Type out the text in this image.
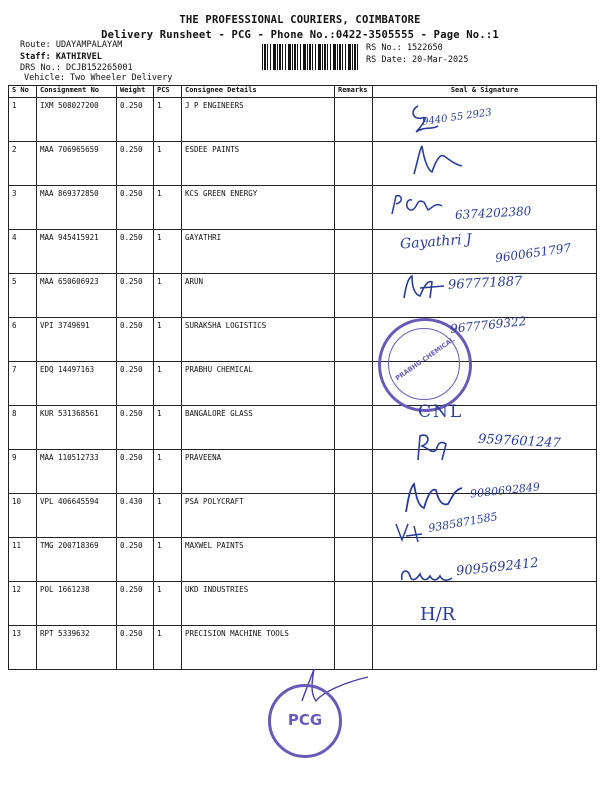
THE PROFESSIONAL COURIERS, COIMBATORE
Delivery Runsheet - PCG - Phone No.:0422-3505555 - Page No.:1
Route: UDAYAMPALAYAM
Staff: KATHIRVEL
DRS No.: DCJB152265001
Vehicle: Two Wheeler Delivery
RS No.: 1522650
RS Date: 20-Mar-2025
S No	Consignment No	Weight	PCS	Consignee Details	Remarks	Seal & Signature
1	IXM 508027200	0.250	1	J P ENGINEERS		
2	MAA 706965659	0.250	1	ESDEE PAINTS		
3	MAA 869372850	0.250	1	KCS GREEN ENERGY		
4	MAA 945415921	0.250	1	GAYATHRI		
5	MAA 650606923	0.250	1	ARUN		
6	VPI 3749691	0.250	1	SURAKSHA LOGISTICS		
7	EDQ 14497163	0.250	1	PRABHU CHEMICAL		
8	KUR 531368561	0.250	1	BANGALORE GLASS		
9	MAA 110512733	0.250	1	PRAVEENA		
10	VPL 406645594	0.430	1	PSA POLYCRAFT		
11	TMG 200718369	0.250	1	MAXWEL PAINTS		
12	POL 1661238	0.250	1	UKD INDUSTRIES		
13	RPT 5339632	0.250	1	PRECISION MACHINE TOOLS		
9440 55 2923
6374202380
Gayathri J 9600651797
967771887
PRABHU CHEMICAL
9677769322
CNL
9597601247
9080692849
9385871585
9095692412
H/R
PCG
